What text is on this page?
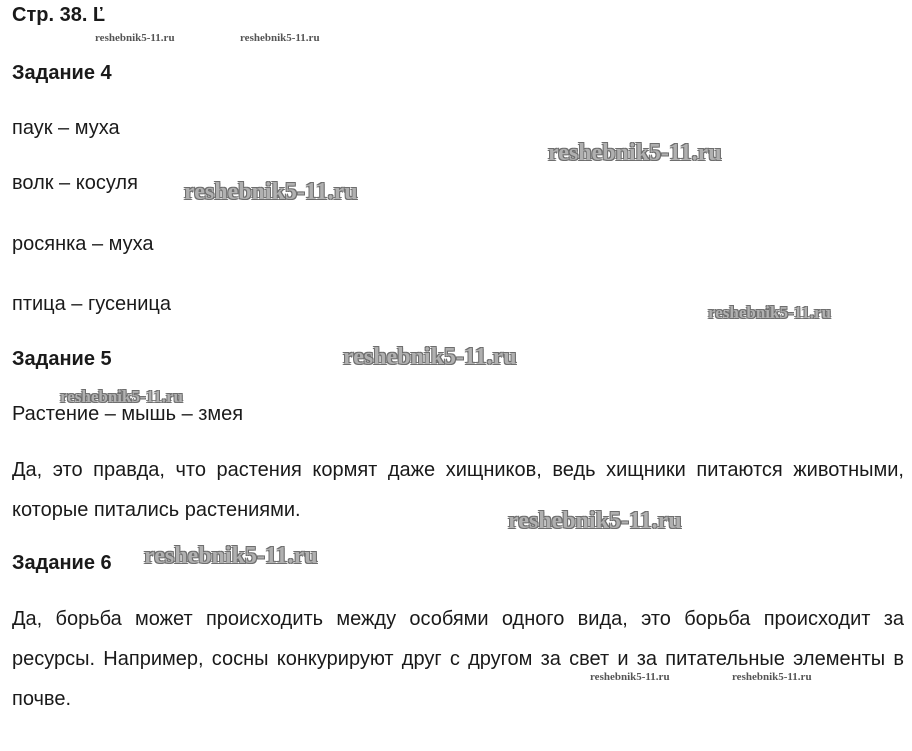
Стр. 38. Ľ
Задание 4
паук – муха
волк – косуля
росянка – муха
птица – гусеница
Задание 5
Растение – мышь – змея
Да, это правда, что растения кормят даже хищников, ведь хищники питаются животными, которые питались растениями.
Задание 6
Да, борьба может происходить между особями одного вида, это борьба происходит за ресурсы. Например, сосны конкурируют друг с другом за свет и за питательные элементы в почве.
reshebnik5-11.ru	reshebnik5-11.ru
reshebnik5-11.ru
reshebnik5-11.ru
reshebnik5-11.ru
reshebnik5-11.ru
reshebnik5-11.ru
reshebnik5-11.ru
reshebnik5-11.ru
reshebnik5-11.ru	reshebnik5-11.ru
